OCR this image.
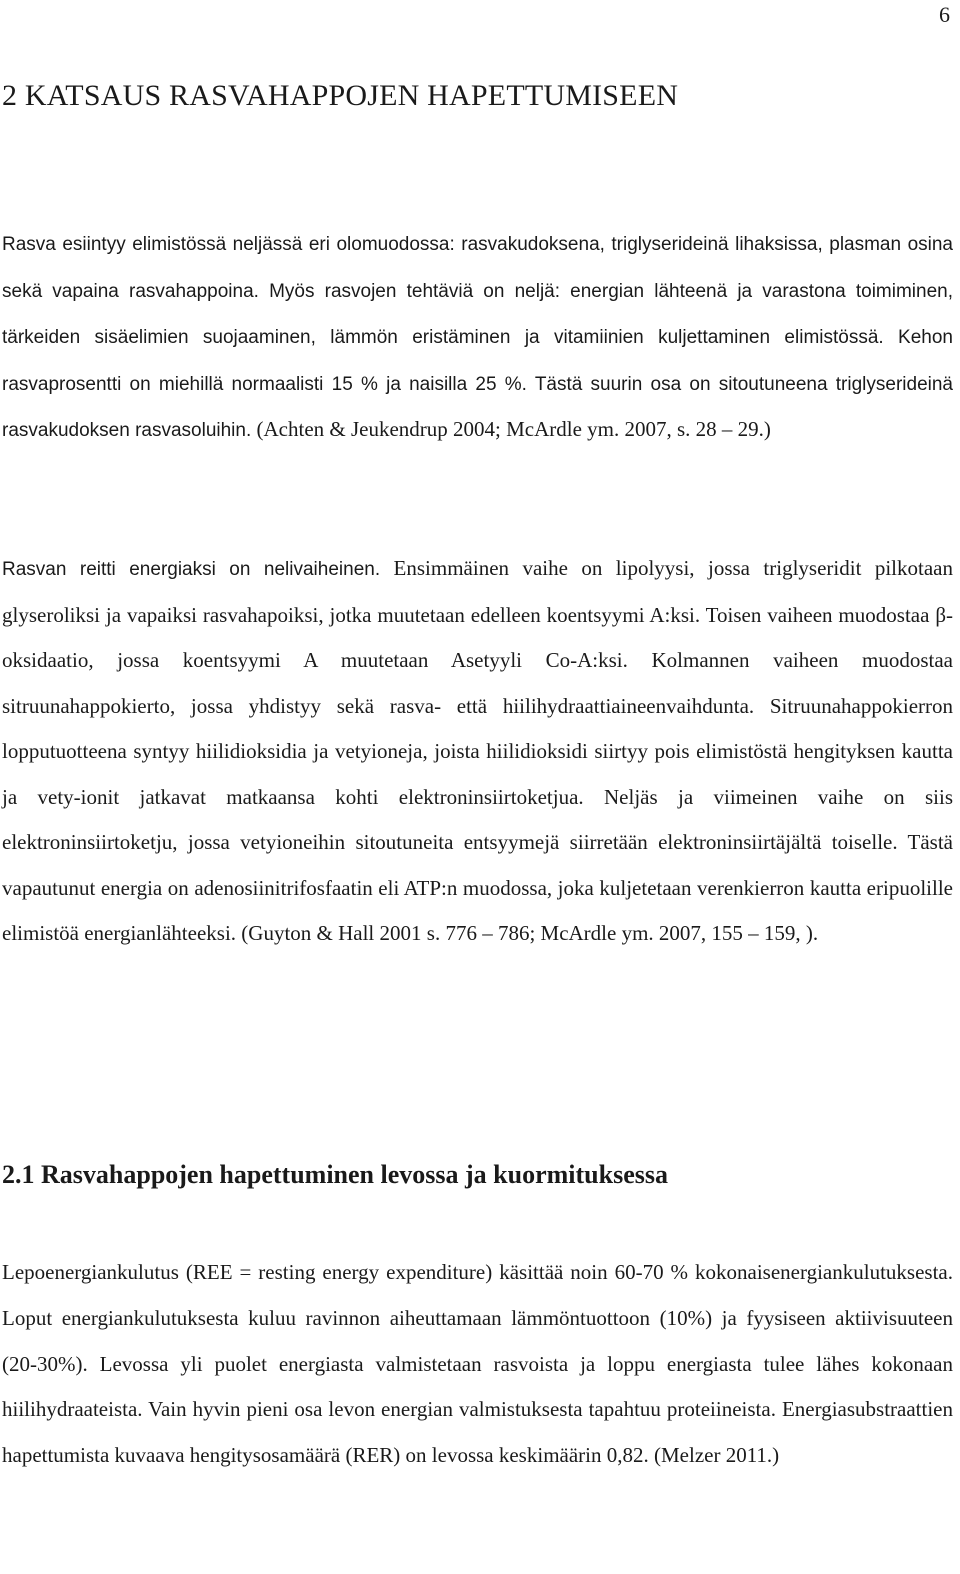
6
2 KATSAUS RASVAHAPPOJEN HAPETTUMISEEN

Rasva esiintyy elimistössä neljässä eri olomuodossa: rasvakudoksena, triglyserideinä lihaksissa, plasman osina sekä vapaina rasvahappoina. Myös rasvojen tehtäviä on neljä: energian lähteenä ja varastona toimiminen, tärkeiden sisäelimien suojaaminen, lämmön eristäminen ja vitamiinien kuljettaminen elimistössä. Kehon rasvaprosentti on miehillä normaalisti 15 % ja naisilla 25 %. Tästä suurin osa on sitoutuneena triglyserideinä rasvakudoksen rasvasoluihin. (Achten & Jeukendrup 2004; McArdle ym. 2007, s. 28 – 29.)

Rasvan reitti energiaksi on nelivaiheinen. Ensimmäinen vaihe on lipolyysi, jossa triglyseridit pilkotaan glyseroliksi ja vapaiksi rasvahapoiksi, jotka muutetaan edelleen koentsyymi A:ksi. Toisen vaiheen muodostaa β-oksidaatio, jossa koentsyymi A muutetaan Asetyyli Co-A:ksi. Kolmannen vaiheen muodostaa sitruunahappokierto, jossa yhdistyy sekä rasva- että hiilihydraattiaineenvaihdunta. Sitruunahappokierron lopputuotteena syntyy hiilidioksidia ja vetyioneja, joista hiilidioksidi siirtyy pois elimistöstä hengityksen kautta ja vety-ionit jatkavat matkaansa kohti elektroninsiirtoketjua. Neljäs ja viimeinen vaihe on siis elektroninsiirtoketju, jossa vetyioneihin sitoutuneita entsyymejä siirretään elektroninsiirtäjältä toiselle. Tästä vapautunut energia on adenosiinitrifosfaatin eli ATP:n muodossa, joka kuljetetaan verenkierron kautta eripuolille elimistöä energianlähteeksi. (Guyton & Hall 2001 s. 776 – 786; McArdle ym. 2007, 155 – 159, ).

2.1 Rasvahappojen hapettuminen levossa ja kuormituksessa

Lepoenergiankulutus (REE = resting energy expenditure) käsittää noin 60-70 % kokonaisenergiankulutuksesta. Loput energiankulutuksesta kuluu ravinnon aiheuttamaan lämmöntuottoon (10%) ja fyysiseen aktiivisuuteen (20-30%). Levossa yli puolet energiasta valmistetaan rasvoista ja loppu energiasta tulee lähes kokonaan hiilihydraateista. Vain hyvin pieni osa levon energian valmistuksesta tapahtuu proteiineista. Energiasubstraattien hapettumista kuvaava hengitysosamäärä (RER) on levossa keskimäärin 0,82. (Melzer 2011.)
